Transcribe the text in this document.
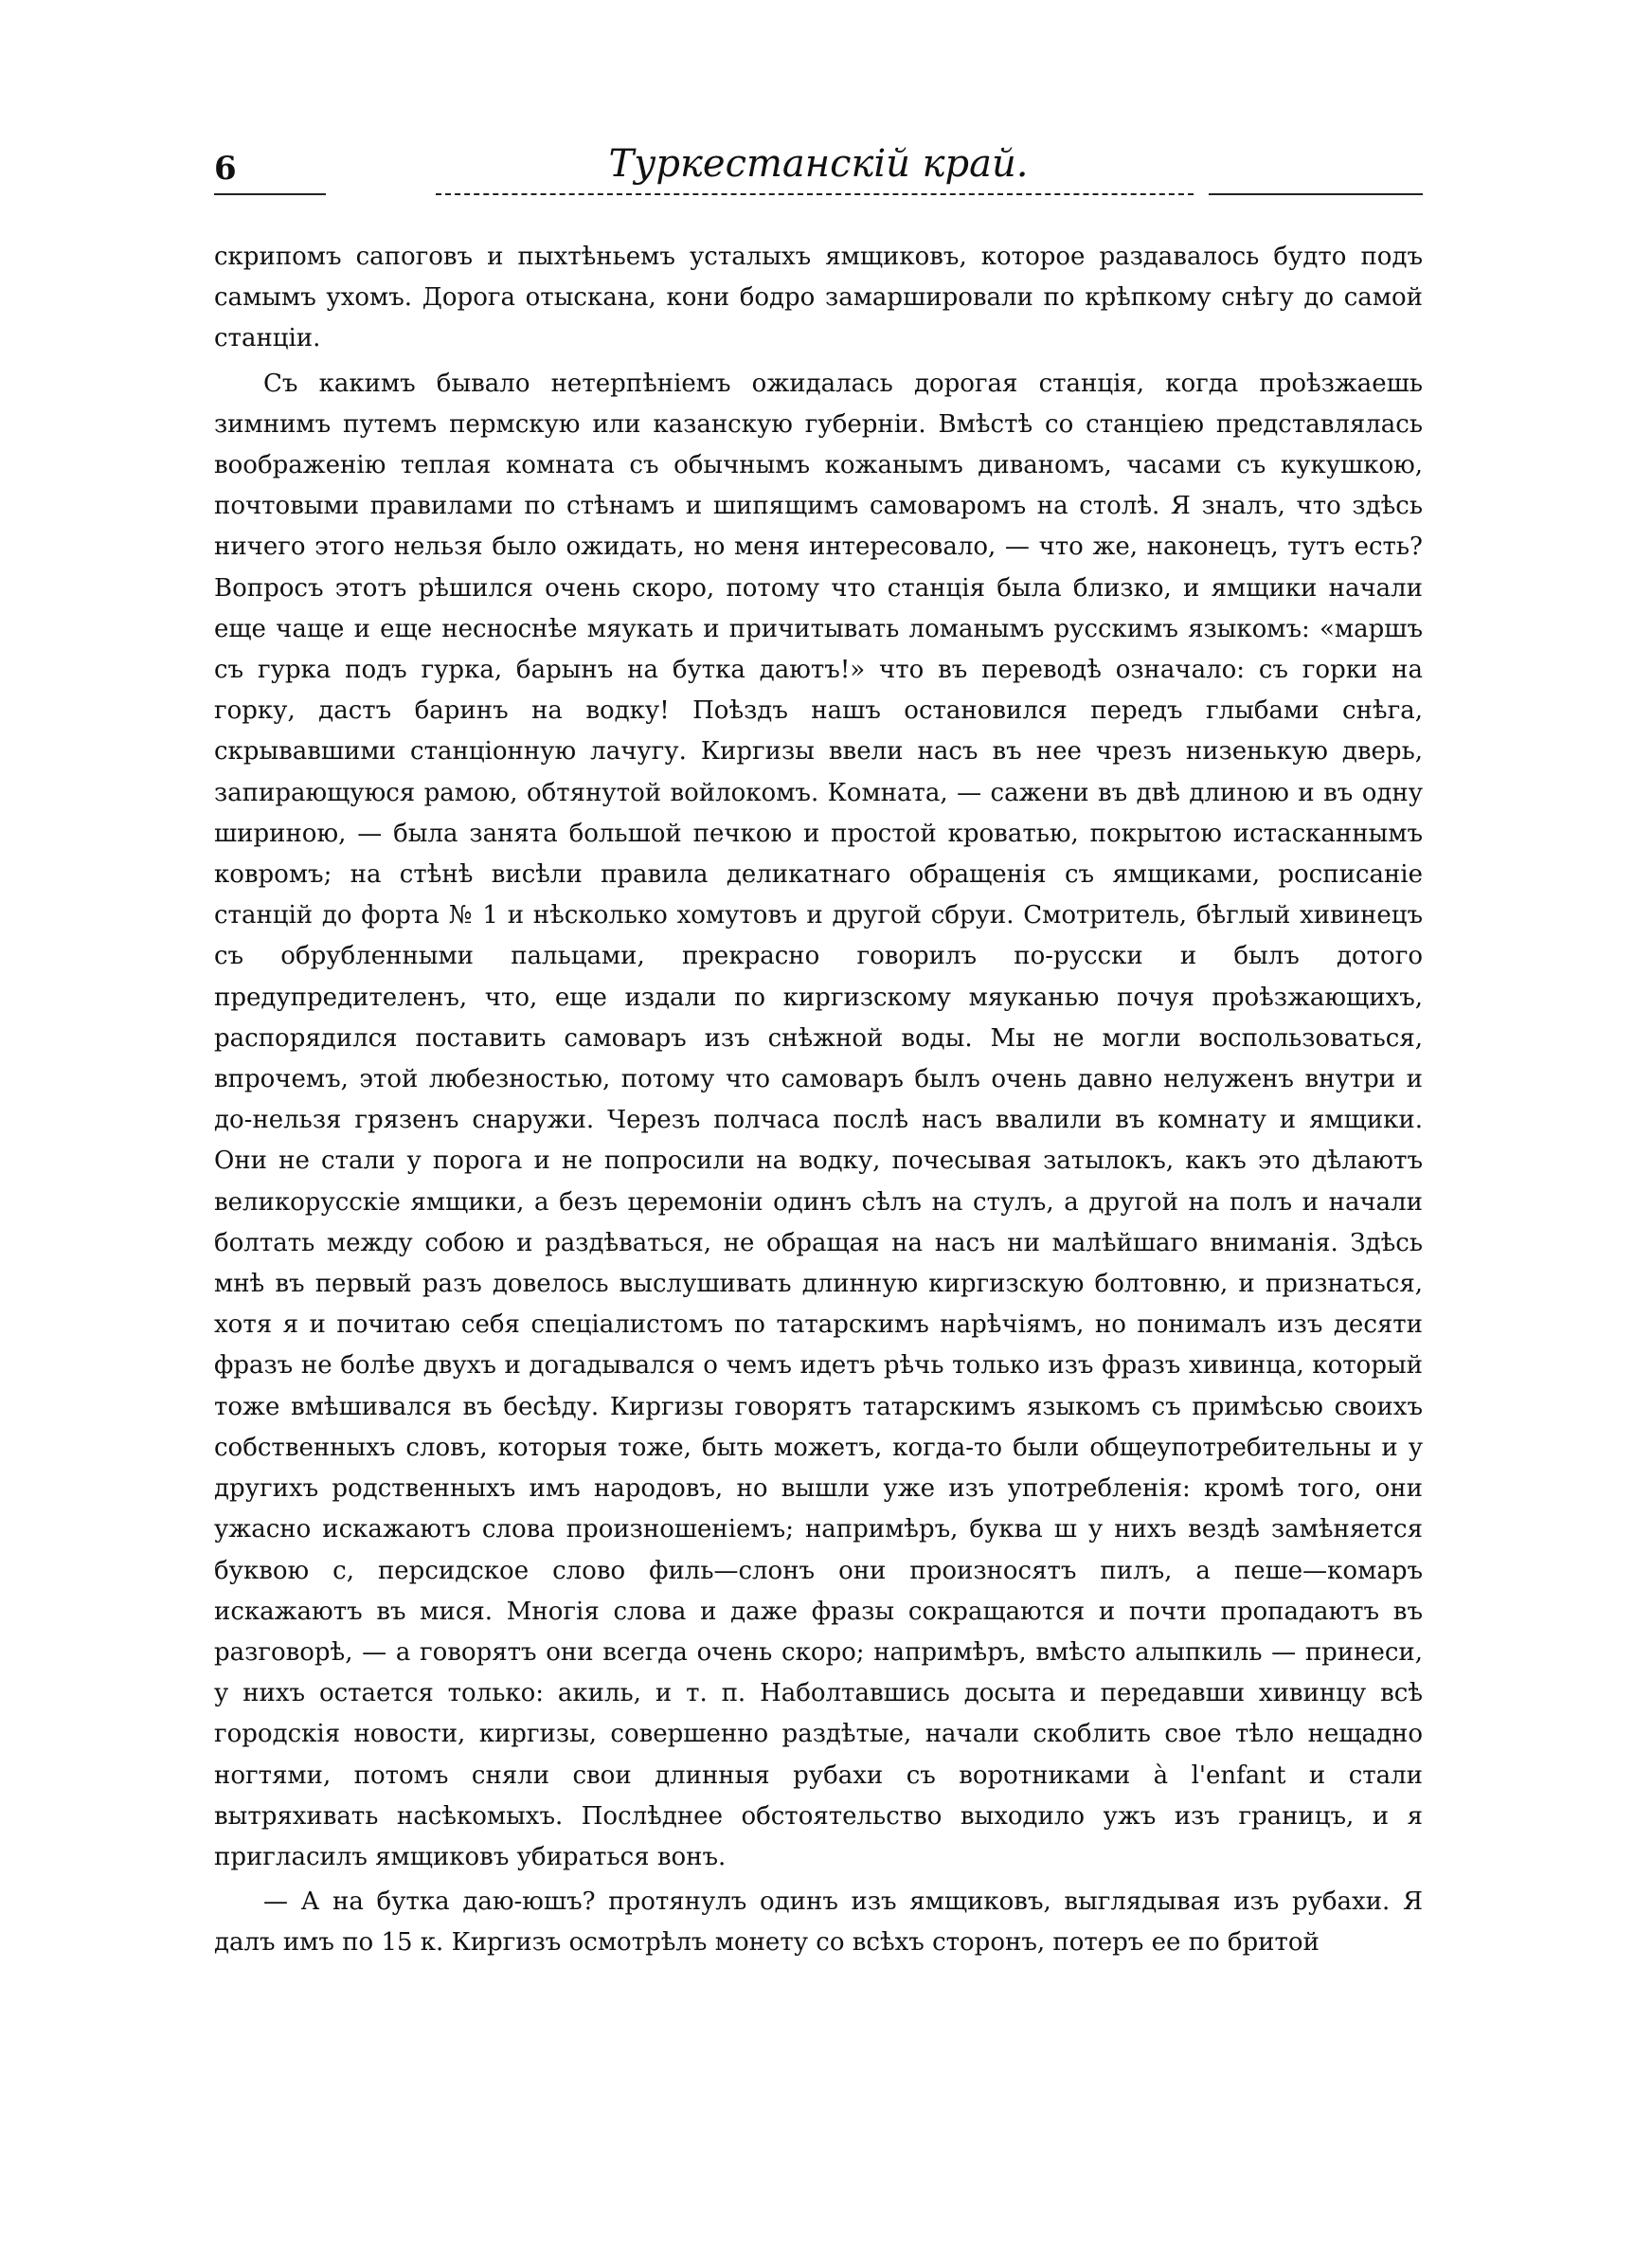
6	Туркестанскій край.

скрипомъ сапоговъ и пыхтѣньемъ усталыхъ ямщиковъ, которое раздавалось будто подъ самымъ ухомъ. Дорога отыскана, кони бодро замаршировали по крѣпкому снѣгу до самой станціи.

Съ какимъ бывало нетерпѣніемъ ожидалась дорогая станція, когда проѣзжаешь зимнимъ путемъ пермскую или казанскую губерніи. Вмѣстѣ со станціею представлялась воображенію теплая комната съ обычнымъ кожанымъ диваномъ, часами съ кукушкою, почтовыми правилами по стѣнамъ и шипящимъ самоваромъ на столѣ. Я зналъ, что здѣсь ничего этого нельзя было ожидать, но меня интересовало, — что же, наконецъ, тутъ есть? Вопросъ этотъ рѣшился очень скоро, потому что станція была близко, и ямщики начали еще чаще и еще несноснѣе мяукать и причитывать ломанымъ русскимъ языкомъ: «маршъ съ гурка подъ гурка, барынъ на бутка даютъ!» что въ переводѣ означало: съ горки на горку, дастъ баринъ на водку! Поѣздъ нашъ остановился передъ глыбами снѣга, скрывавшими станціонную лачугу. Киргизы ввели насъ въ нее чрезъ низенькую дверь, запирающуюся рамою, обтянутой войлокомъ. Комната, — сажени въ двѣ длиною и въ одну шириною, — была занята большой печкою и простой кроватью, покрытою истасканнымъ ковромъ; на стѣнѣ висѣли правила деликатнаго обращенія съ ямщиками, росписаніе станцій до форта № 1 и нѣсколько хомутовъ и другой сбруи. Смотритель, бѣглый хивинецъ съ обрубленными пальцами, прекрасно говорилъ по-русски и былъ дотого предупредителенъ, что, еще издали по киргизскому мяуканью почуя проѣзжающихъ, распорядился поставить самоваръ изъ снѣжной воды. Мы не могли воспользоваться, впрочемъ, этой любезностью, потому что самоваръ былъ очень давно нелуженъ внутри и до-нельзя грязенъ снаружи. Черезъ полчаса послѣ насъ ввалили въ комнату и ямщики. Они не стали у порога и не попросили на водку, почесывая затылокъ, какъ это дѣлаютъ великорусскіе ямщики, а безъ церемоніи одинъ сѣлъ на стулъ, а другой на полъ и начали болтать между собою и раздѣваться, не обращая на насъ ни малѣйшаго вниманія. Здѣсь мнѣ въ первый разъ довелось выслушивать длинную киргизскую болтовню, и признаться, хотя я и почитаю себя спеціалистомъ по татарскимъ нарѣчіямъ, но понималъ изъ десяти фразъ не болѣе двухъ и догадывался о чемъ идетъ рѣчь только изъ фразъ хивинца, который тоже вмѣшивался въ бесѣду. Киргизы говорятъ татарскимъ языкомъ съ примѣсью своихъ собственныхъ словъ, которыя тоже, быть можетъ, когда-то были общеупотребительны и у другихъ родственныхъ имъ народовъ, но вышли уже изъ употребленія: кромѣ того, они ужасно искажаютъ слова произношеніемъ; напримѣръ, буква ш у нихъ вездѣ замѣняется буквою с, персидское слово филь—слонъ они произносятъ пилъ, а пеше—комаръ искажаютъ въ мися. Многія слова и даже фразы сокращаются и почти пропадаютъ въ разговорѣ, — а говорятъ они всегда очень скоро; напримѣръ, вмѣсто алыпкиль — принеси, у нихъ остается только: акиль, и т. п. Наболтавшись досыта и передавши хивинцу всѣ городскія новости, киргизы, совершенно раздѣтые, начали скоблить свое тѣло нещадно ногтями, потомъ сняли свои длинныя рубахи съ воротниками à l'enfant и стали вытряхивать насѣкомыхъ. Послѣднее обстоятельство выходило ужъ изъ границъ, и я пригласилъ ямщиковъ убираться вонъ.

— А на бутка даю-юшъ? протянулъ одинъ изъ ямщиковъ, выглядывая изъ рубахи. Я далъ имъ по 15 к. Киргизъ осмотрѣлъ монету со всѣхъ сторонъ, потеръ ее по бритой
